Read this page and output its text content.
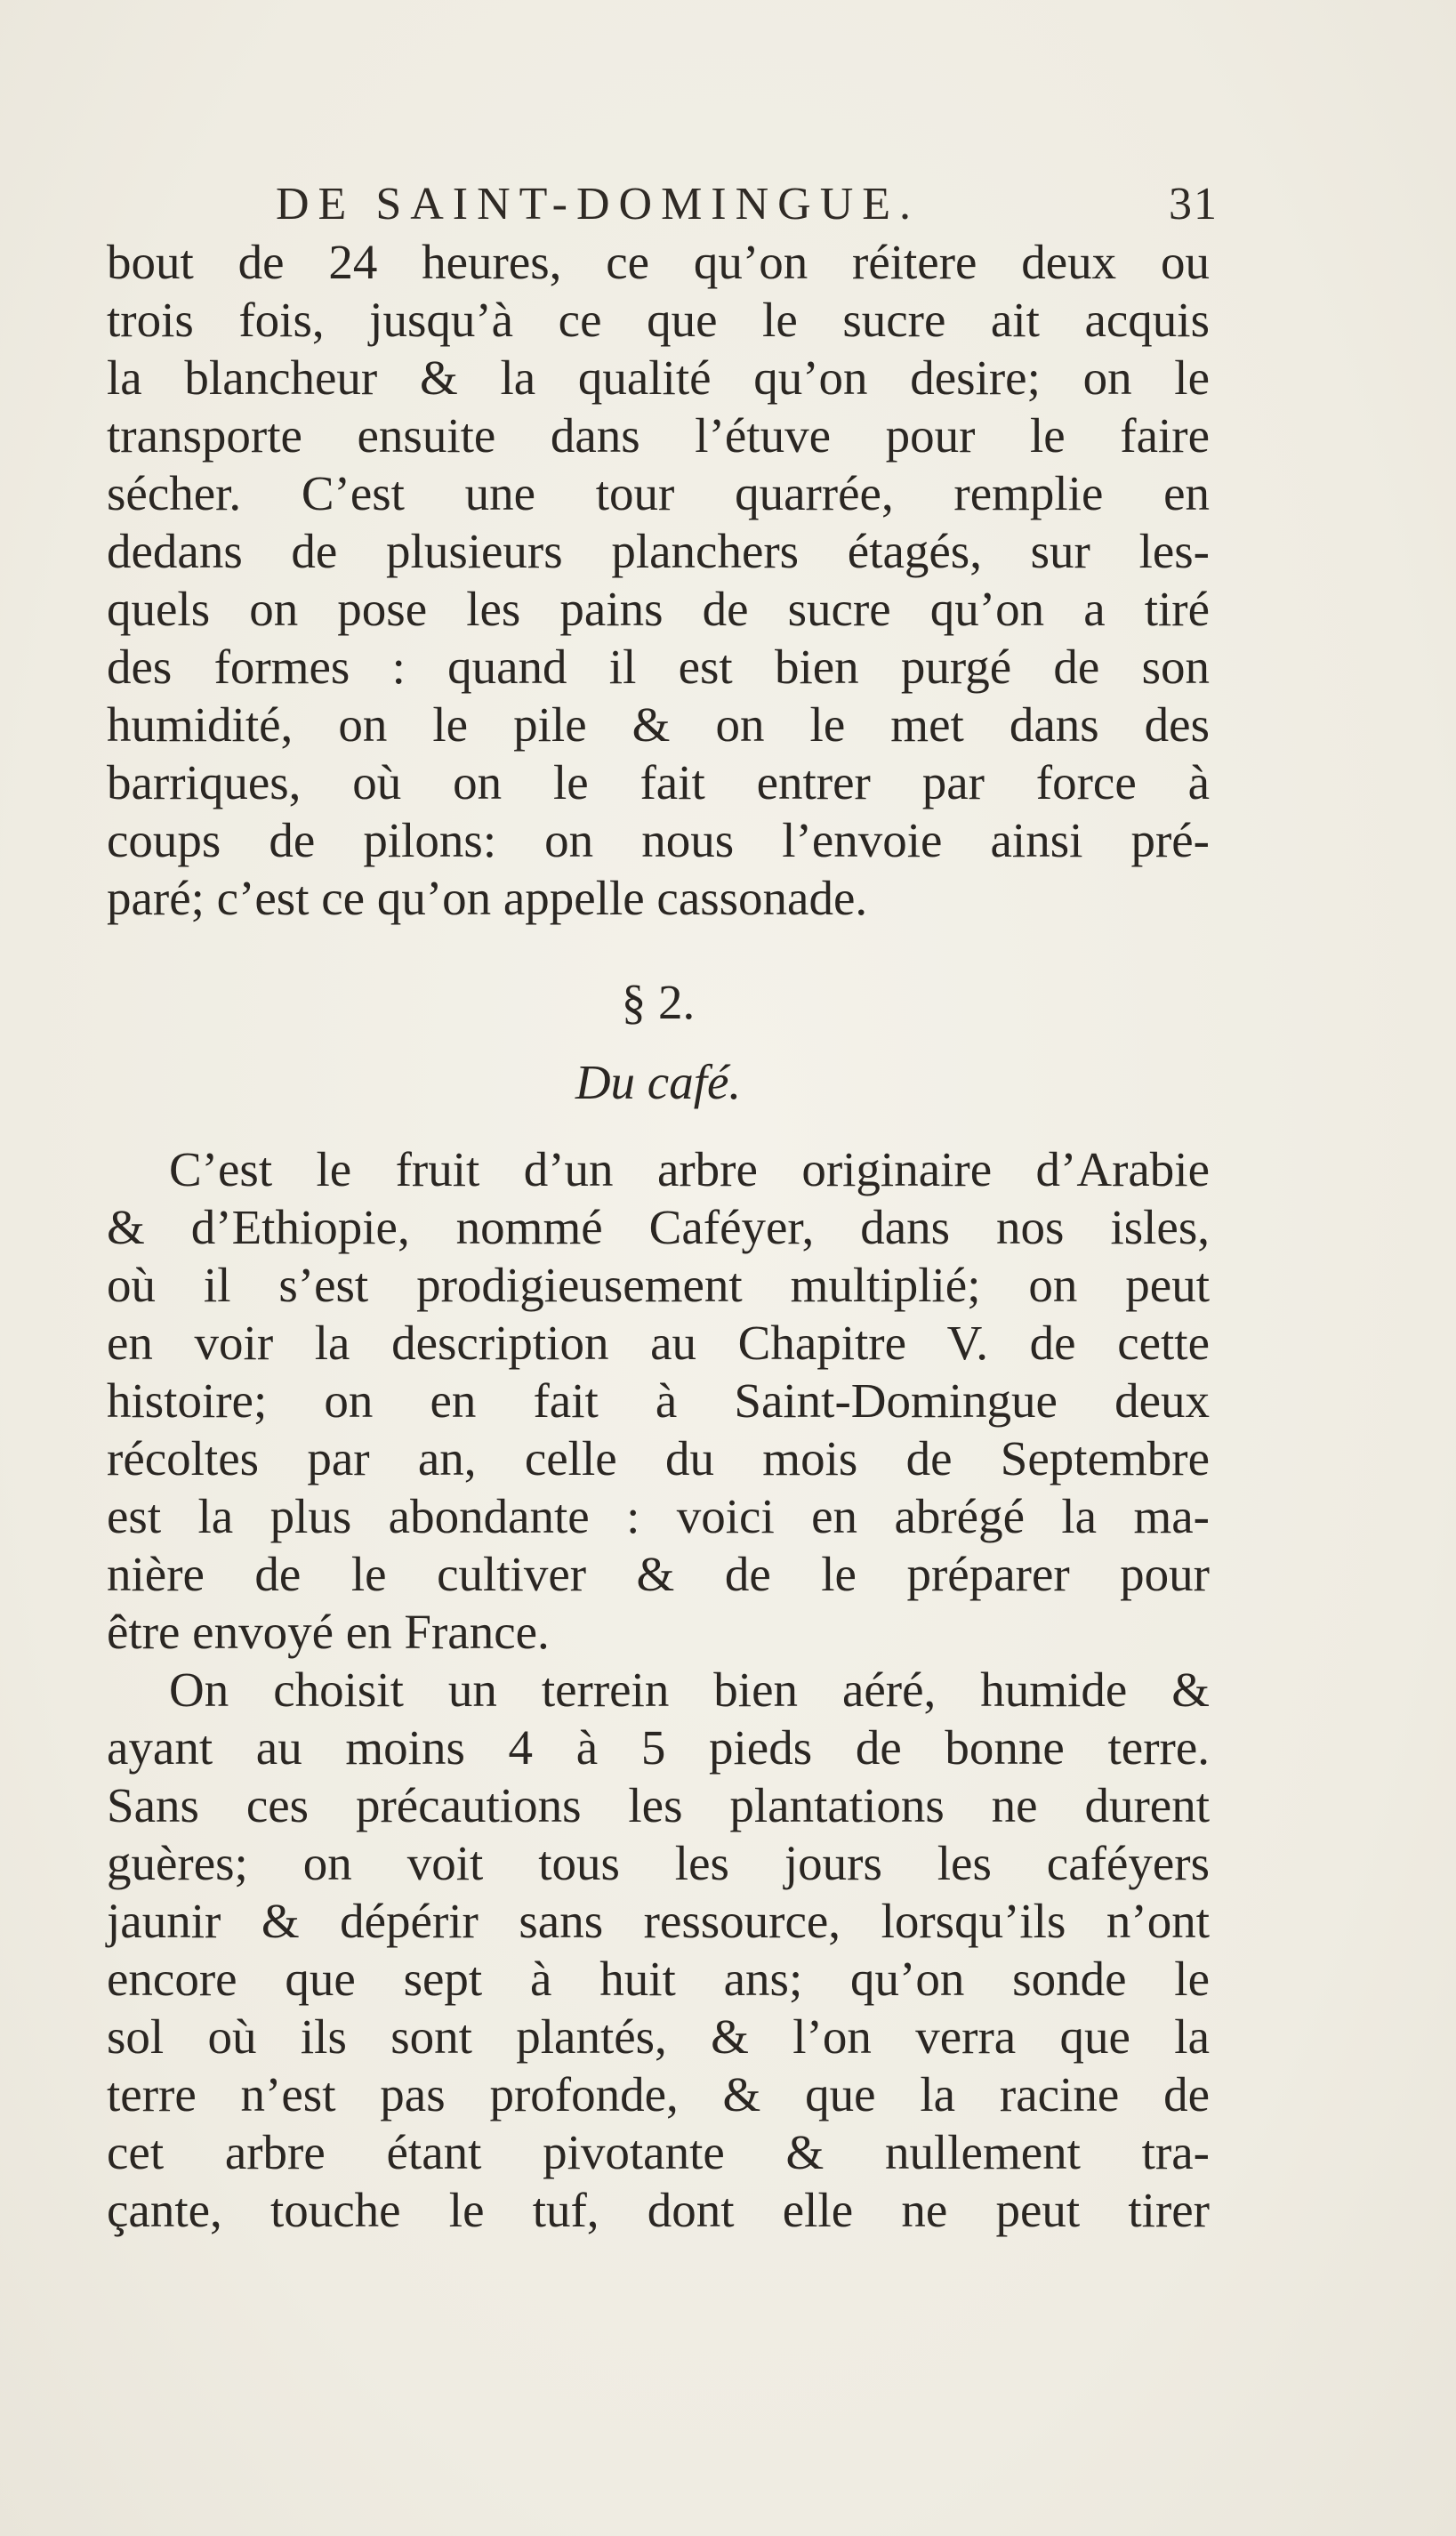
DE SAINT-DOMINGUE.	31
bout de 24 heures, ce qu’on réitere deux ou
trois fois, jusqu’à ce que le sucre ait acquis
la blancheur & la qualité qu’on desire; on le
transporte ensuite dans l’étuve pour le faire
sécher. C’est une tour quarrée, remplie en
dedans de plusieurs planchers étagés, sur les-
quels on pose les pains de sucre qu’on a tiré
des formes : quand il est bien purgé de son
humidité, on le pile & on le met dans des
barriques, où on le fait entrer par force à
coups de pilons: on nous l’envoie ainsi pré-
paré; c’est ce qu’on appelle cassonade.
§ 2.
Du café.
C’est le fruit d’un arbre originaire d’Arabie
& d’Ethiopie, nommé Caféyer, dans nos isles,
où il s’est prodigieusement multiplié; on peut
en voir la description au Chapitre V. de cette
histoire; on en fait à Saint-Domingue deux
récoltes par an, celle du mois de Septembre
est la plus abondante : voici en abrégé la ma-
nière de le cultiver & de le préparer pour
être envoyé en France.
On choisit un terrein bien aéré, humide &
ayant au moins 4 à 5 pieds de bonne terre.
Sans ces précautions les plantations ne durent
guères; on voit tous les jours les caféyers
jaunir & dépérir sans ressource, lorsqu’ils n’ont
encore que sept à huit ans; qu’on sonde le
sol où ils sont plantés, & l’on verra que la
terre n’est pas profonde, & que la racine de
cet arbre étant pivotante & nullement tra-
çante, touche le tuf, dont elle ne peut tirer
